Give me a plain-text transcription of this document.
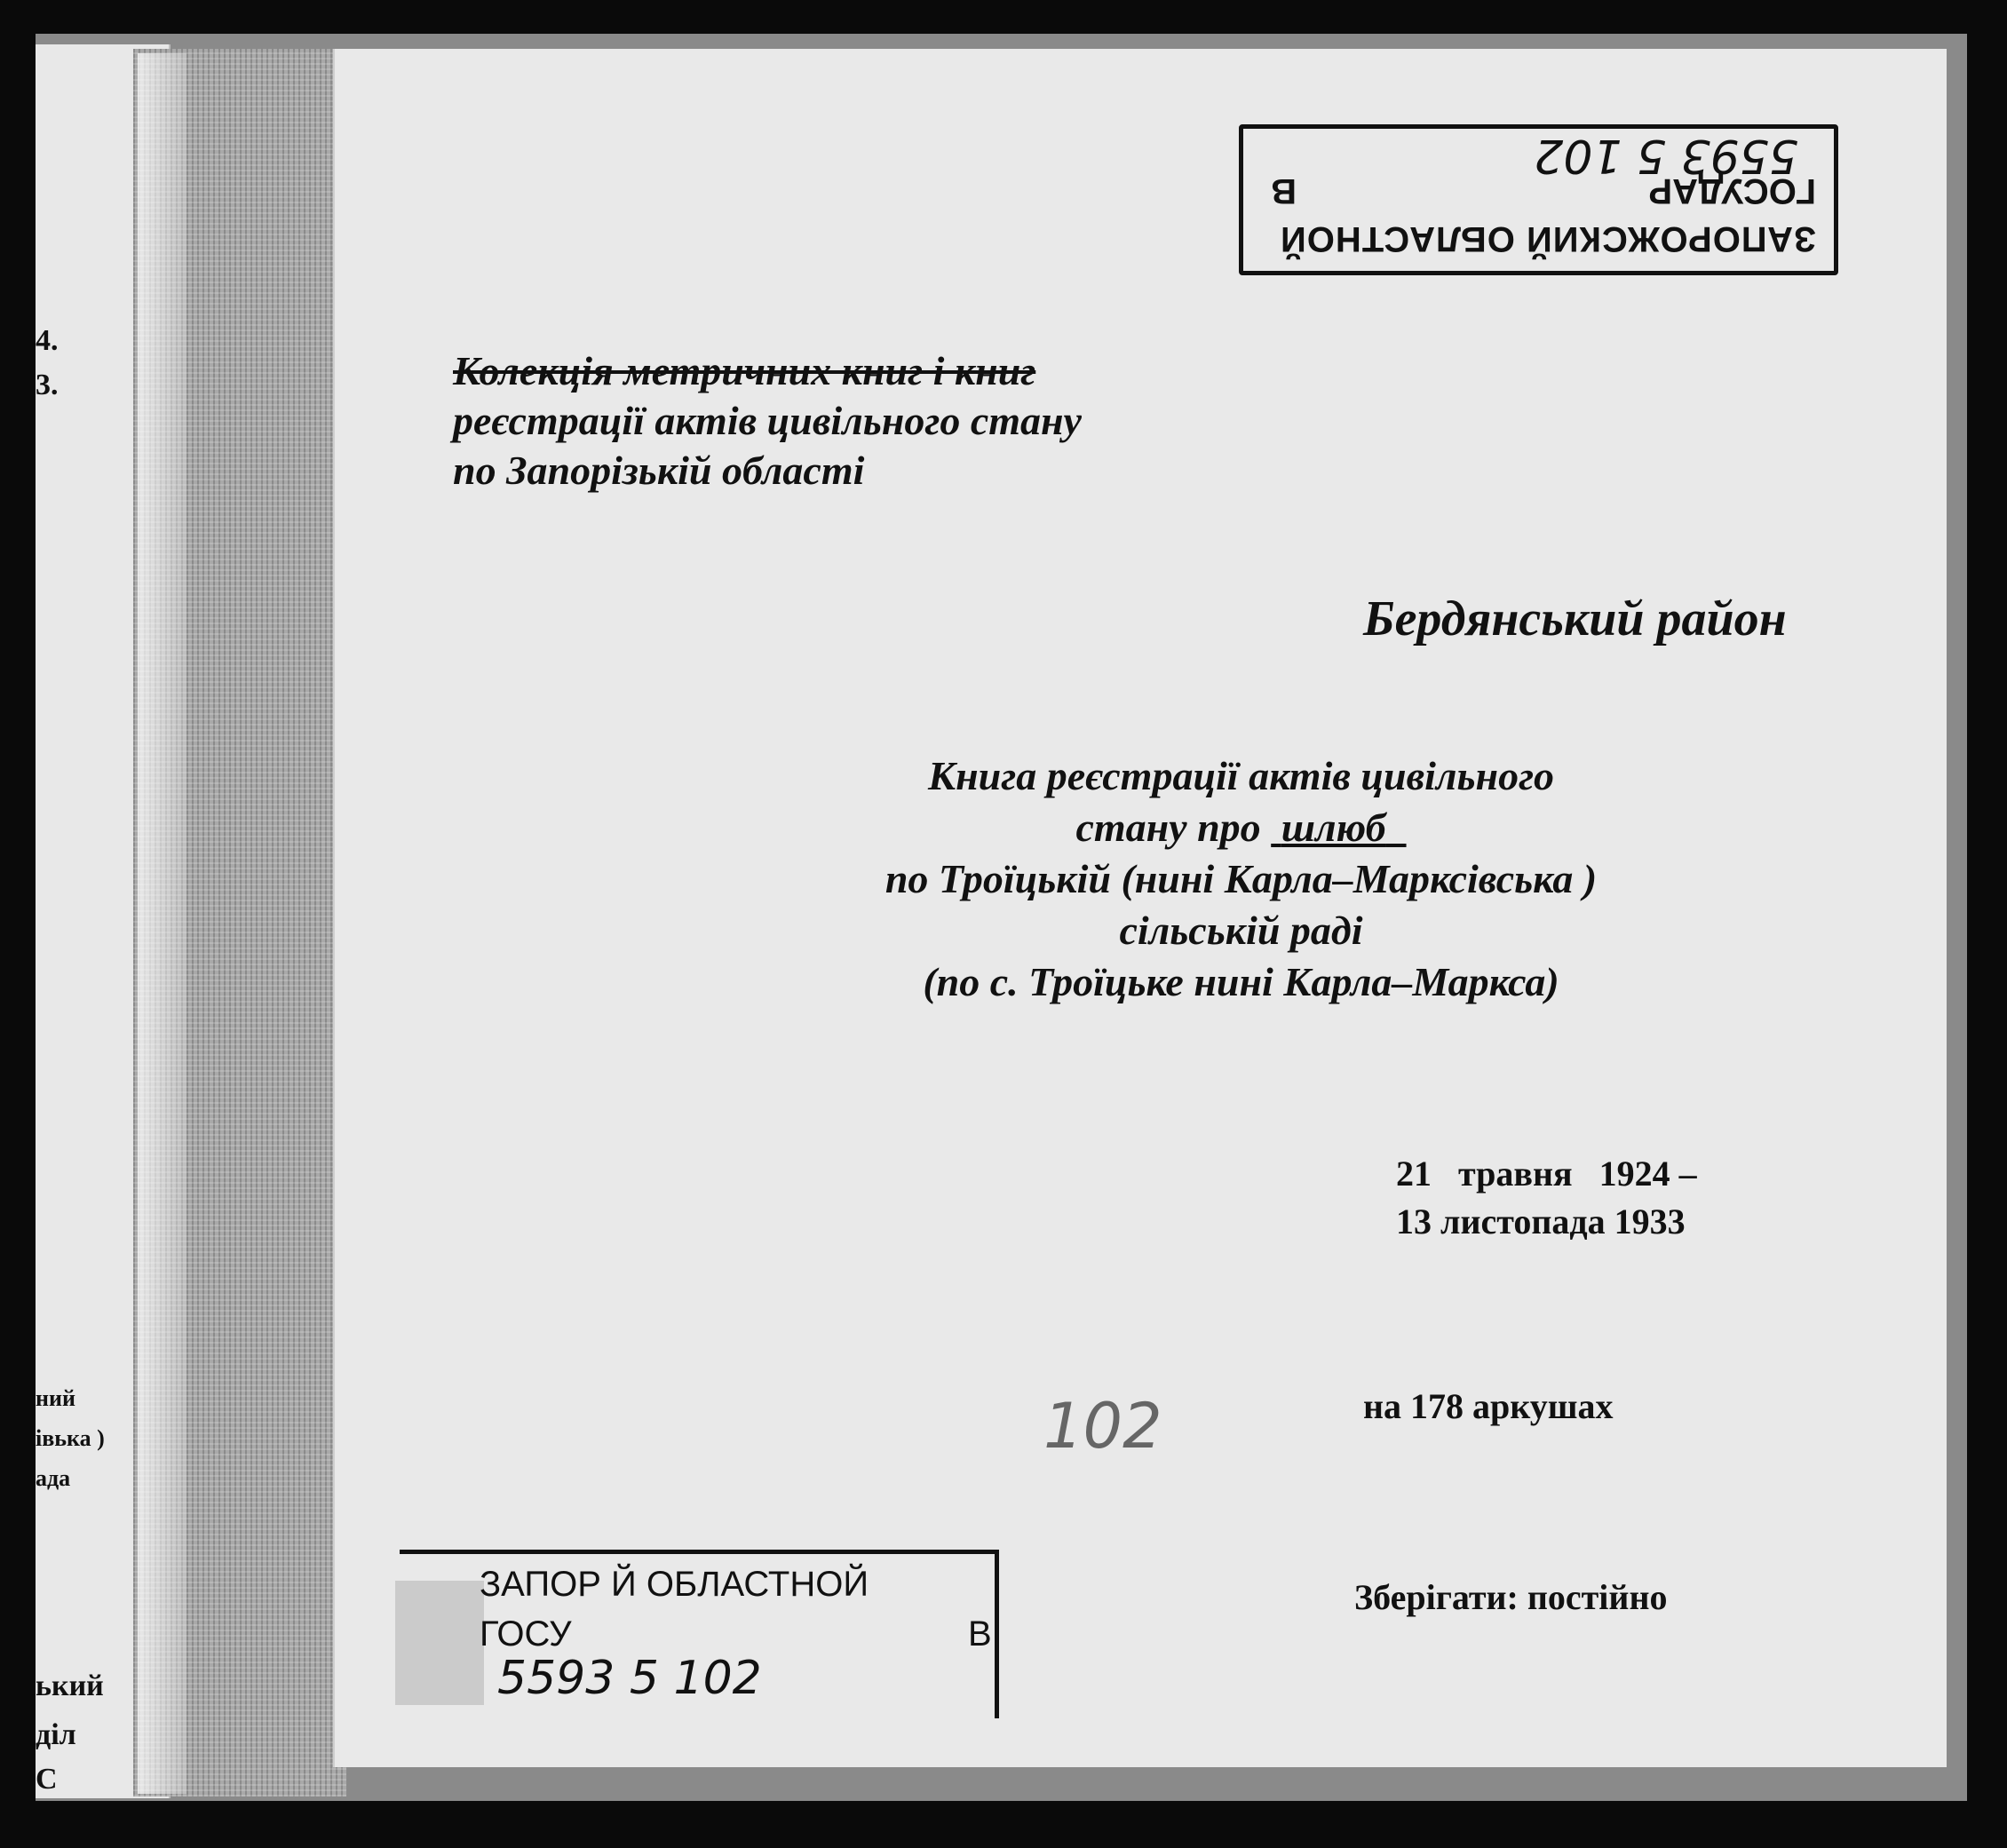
4.
3.
ний
івька )
ада
ький
діл
С
ЗАПОРОЖСКИЙ ОБЛАСТНОЙ
ГОСУДАР
В
5593 5 102
Колекція метричних книг і книг
реєстрації актів цивільного стану
по Запорізькій області
Бердянський район
Книга реєстрації актів цивільного
стану про шлюб
по Троїцькій (нині Карла–Марксівська )
сільській раді
(по с. Троїцьке нині Карла–Маркса)
21   травня   1924 –
13 листопада 1933
102	на 178 аркушах
Зберігати: постійно
ЗАПОР Й ОБЛАСТНОЙ
ГОСУ	В
5593 5 102
